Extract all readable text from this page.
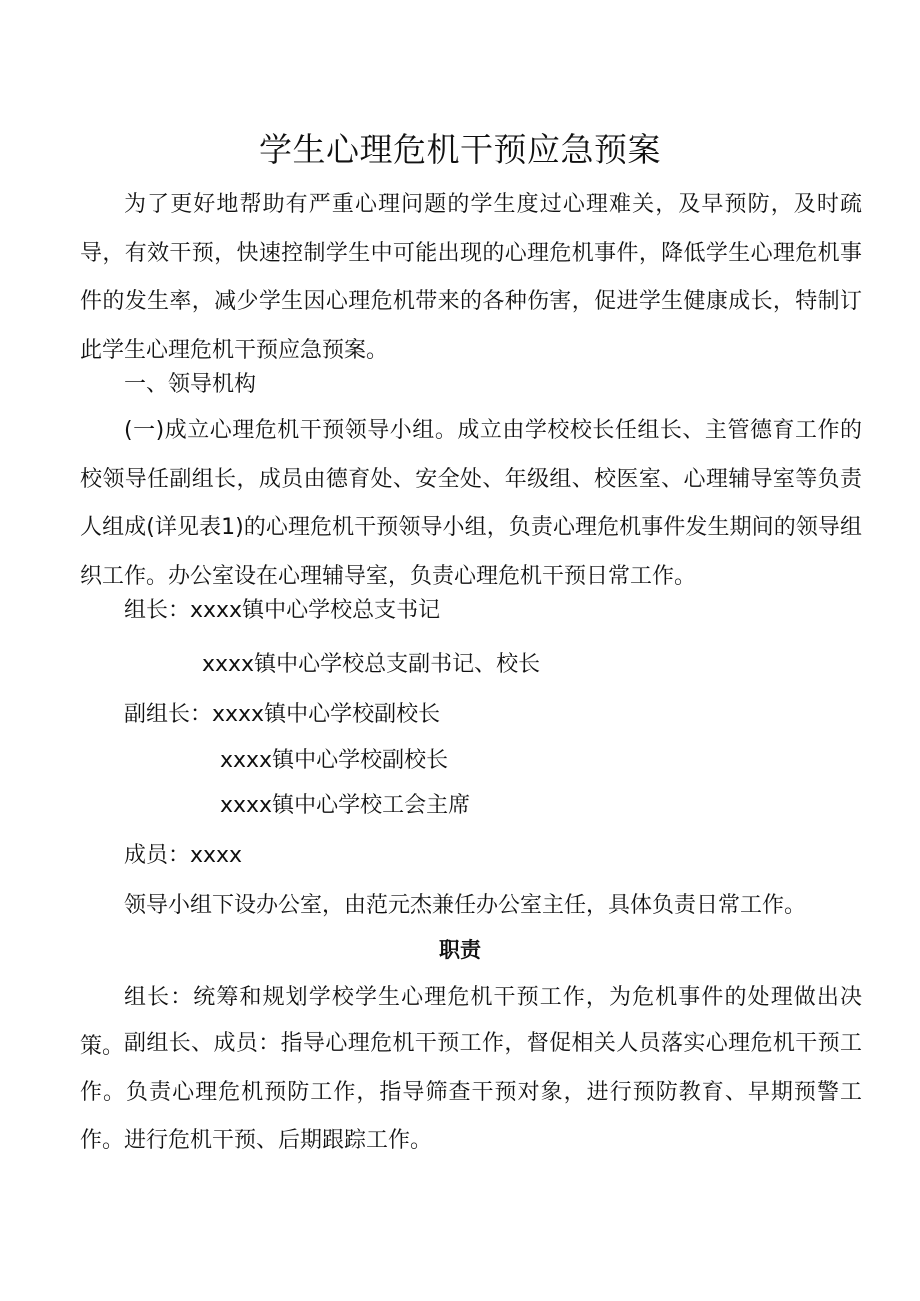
学生心理危机干预应急预案

为了更好地帮助有严重心理问题的学生度过心理难关，及早预防，及时疏导，有效干预，快速控制学生中可能出现的心理危机事件，降低学生心理危机事件的发生率，减少学生因心理危机带来的各种伤害，促进学生健康成长，特制订此学生心理危机干预应急预案。

一、领导机构

(一)成立心理危机干预领导小组。成立由学校校长任组长、主管德育工作的校领导任副组长，成员由德育处、安全处、年级组、校医室、心理辅导室等负责人组成(详见表1)的心理危机干预领导小组，负责心理危机事件发生期间的领导组织工作。办公室设在心理辅导室，负责心理危机干预日常工作。

组长：xxxx镇中心学校总支书记

xxxx镇中心学校总支副书记、校长

副组长：xxxx镇中心学校副校长

xxxx镇中心学校副校长

xxxx镇中心学校工会主席

成员：xxxx

领导小组下设办公室，由范元杰兼任办公室主任，具体负责日常工作。

职责

组长：统筹和规划学校学生心理危机干预工作，为危机事件的处理做出决策。 副组长、成员：指导心理危机干预工作，督促相关人员落实心理危机干预工作。负责心理危机预防工作，指导筛查干预对象，进行预防教育、早期预警工作。进行危机干预、后期跟踪工作。
